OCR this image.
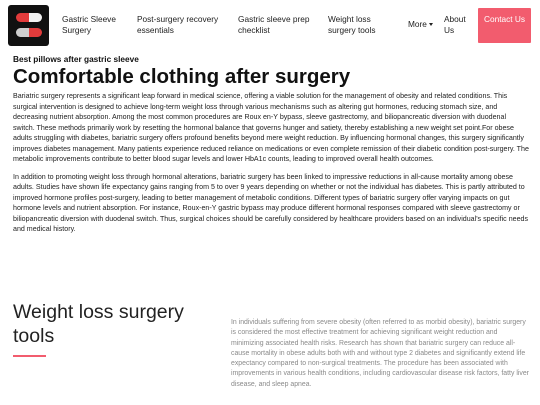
Gastric Sleeve Surgery
Post-surgery recovery essentials
Gastric sleeve prep checklist
Weight loss surgery tools
More	About Us
Contact Us
Best pillows after gastric sleeve
Comfortable clothing after surgery

Bariatric surgery represents a significant leap forward in medical science, offering a viable solution for the management of obesity and related conditions. This surgical intervention is designed to achieve long-term weight loss through various mechanisms such as altering gut hormones, reducing stomach size, and decreasing nutrient absorption. Among the most common procedures are Roux en-Y bypass, sleeve gastrectomy, and biliopancreatic diversion with duodenal switch. These methods primarily work by resetting the hormonal balance that governs hunger and satiety, thereby establishing a new weight set point.For obese adults struggling with diabetes, bariatric surgery offers profound benefits beyond mere weight reduction. By influencing hormonal changes, this surgery significantly improves diabetes management. Many patients experience reduced reliance on medications or even complete remission of their diabetic condition post-surgery. The metabolic improvements contribute to better blood sugar levels and lower HbA1c counts, leading to improved overall health outcomes.

In addition to promoting weight loss through hormonal alterations, bariatric surgery has been linked to impressive reductions in all-cause mortality among obese adults. Studies have shown life expectancy gains ranging from 5 to over 9 years depending on whether or not the individual has diabetes. This is partly attributed to improved hormone profiles post-surgery, leading to better management of metabolic conditions. Different types of bariatric surgery offer varying impacts on gut hormone levels and nutrient absorption. For instance, Roux-en-Y gastric bypass may produce different hormonal responses compared with sleeve gastrectomy or biliopancreatic diversion with duodenal switch. Thus, surgical choices should be carefully considered by healthcare providers based on an individual's specific needs and medical history.

Weight loss surgery tools

In individuals suffering from severe obesity (often referred to as morbid obesity), bariatric surgery is considered the most effective treatment for achieving significant weight reduction and minimizing associated health risks. Research has shown that bariatric surgery can reduce all-cause mortality in obese adults both with and without type 2 diabetes and significantly extend life expectancy compared to non-surgical treatments. The procedure has been associated with improvements in various health conditions, including cardiovascular disease risk factors, fatty liver disease, and sleep apnea.
